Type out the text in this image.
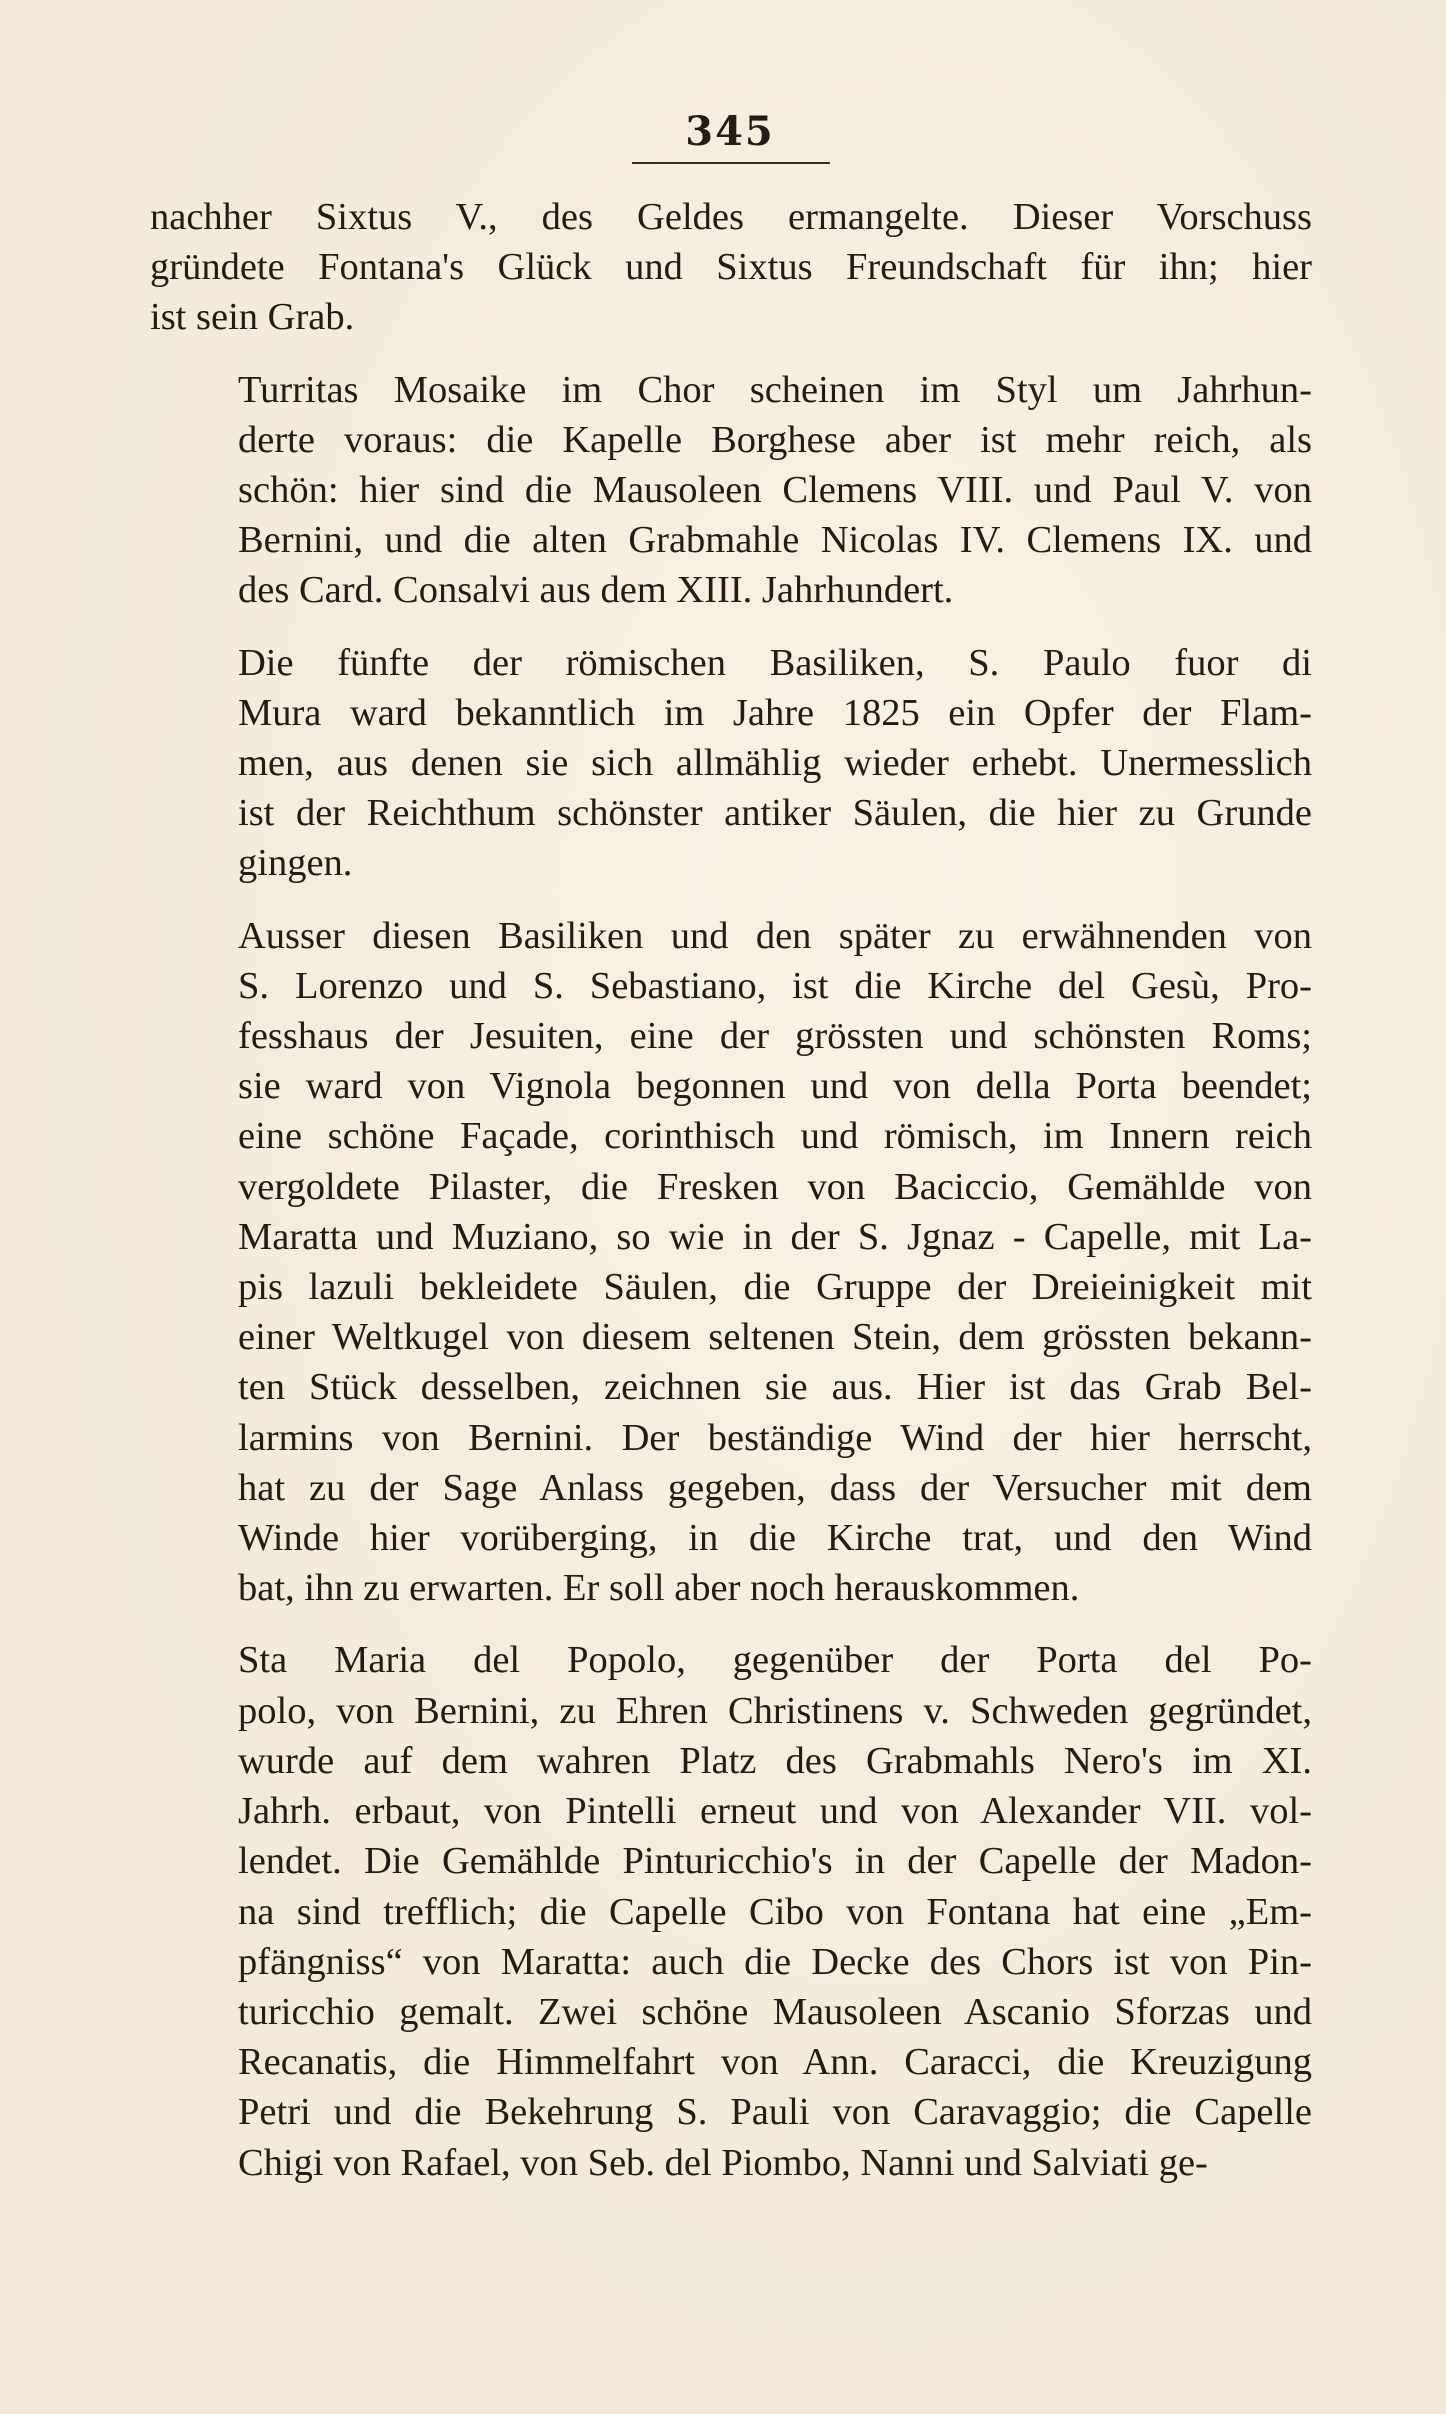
345
nachher Sixtus V., des Geldes ermangelte. Dieser Vorschuss
gründete Fontana's Glück und Sixtus Freundschaft für ihn; hier
ist sein Grab.
Turritas Mosaike im Chor scheinen im Styl um Jahrhun-
derte voraus: die Kapelle Borghese aber ist mehr reich, als
schön: hier sind die Mausoleen Clemens VIII. und Paul V. von
Bernini, und die alten Grabmahle Nicolas IV. Clemens IX. und
des Card. Consalvi aus dem XIII. Jahrhundert.
Die fünfte der römischen Basiliken, S. Paulo fuor di
Mura ward bekanntlich im Jahre 1825 ein Opfer der Flam-
men, aus denen sie sich allmählig wieder erhebt. Unermesslich
ist der Reichthum schönster antiker Säulen, die hier zu Grunde
gingen.
Ausser diesen Basiliken und den später zu erwähnenden von
S. Lorenzo und S. Sebastiano, ist die Kirche del Gesù, Pro-
fesshaus der Jesuiten, eine der grössten und schönsten Roms;
sie ward von Vignola begonnen und von della Porta beendet;
eine schöne Façade, corinthisch und römisch, im Innern reich
vergoldete Pilaster, die Fresken von Baciccio, Gemählde von
Maratta und Muziano, so wie in der S. Jgnaz - Capelle, mit La-
pis lazuli bekleidete Säulen, die Gruppe der Dreieinigkeit mit
einer Weltkugel von diesem seltenen Stein, dem grössten bekann-
ten Stück desselben, zeichnen sie aus. Hier ist das Grab Bel-
larmins von Bernini. Der beständige Wind der hier herrscht,
hat zu der Sage Anlass gegeben, dass der Versucher mit dem
Winde hier vorüberging, in die Kirche trat, und den Wind
bat, ihn zu erwarten. Er soll aber noch herauskommen.
Sta Maria del Popolo, gegenüber der Porta del Po-
polo, von Bernini, zu Ehren Christinens v. Schweden gegründet,
wurde auf dem wahren Platz des Grabmahls Nero's im XI.
Jahrh. erbaut, von Pintelli erneut und von Alexander VII. vol-
lendet. Die Gemählde Pinturicchio's in der Capelle der Madon-
na sind trefflich; die Capelle Cibo von Fontana hat eine „Em-
pfängniss“ von Maratta: auch die Decke des Chors ist von Pin-
turicchio gemalt. Zwei schöne Mausoleen Ascanio Sforzas und
Recanatis, die Himmelfahrt von Ann. Caracci, die Kreuzigung
Petri und die Bekehrung S. Pauli von Caravaggio; die Capelle
Chigi von Rafael, von Seb. del Piombo, Nanni und Salviati ge-
